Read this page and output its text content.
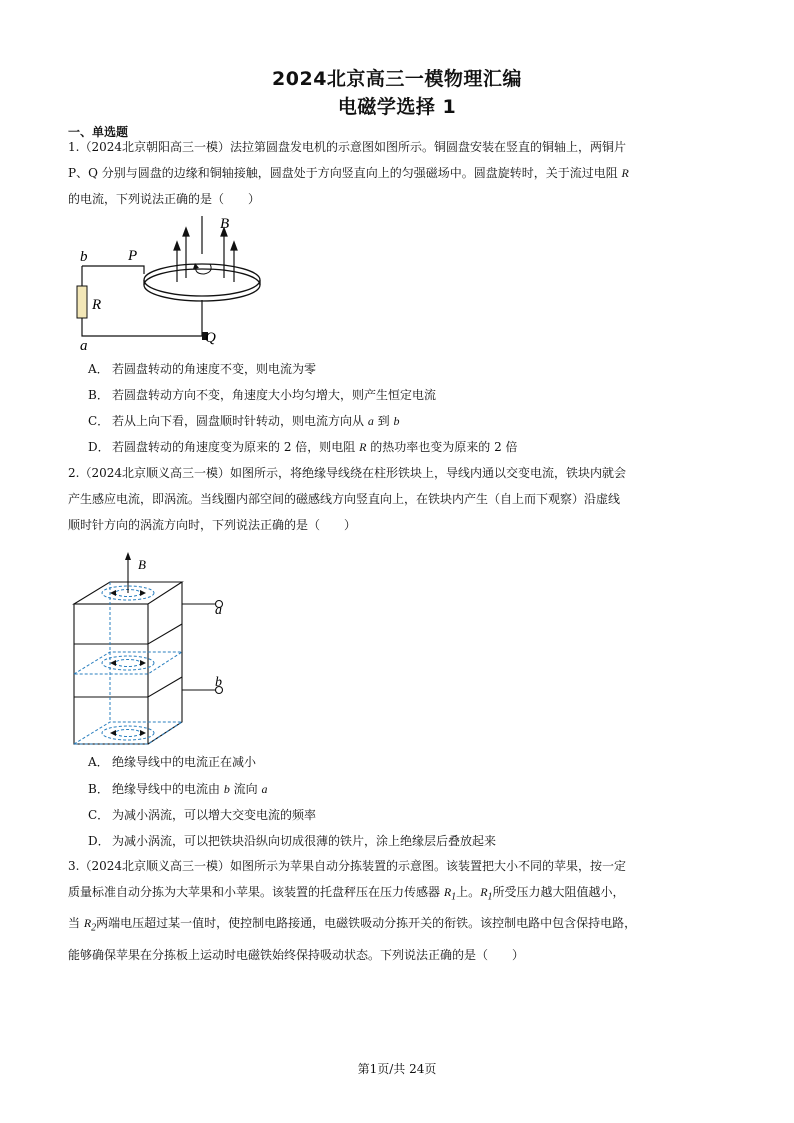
2024北京高三一模物理汇编
电磁学选择 1
一、单选题
1.（2024北京朝阳高三一模）法拉第圆盘发电机的示意图如图所示。铜圆盘安装在竖直的铜轴上，两铜片
P、Q 分别与圆盘的边缘和铜轴接触，圆盘处于方向竖直向上的匀强磁场中。圆盘旋转时，关于流过电阻 R
的电流，下列说法正确的是（　　）
b	P
B
R
Q
a
A． 若圆盘转动的角速度不变，则电流为零
B． 若圆盘转动方向不变，角速度大小均匀增大，则产生恒定电流
C． 若从上向下看，圆盘顺时针转动，则电流方向从 a 到 b
D． 若圆盘转动的角速度变为原来的 2 倍，则电阻 R 的热功率也变为原来的 2 倍
2.（2024北京顺义高三一模）如图所示，将绝缘导线绕在柱形铁块上，导线内通以交变电流，铁块内就会
产生感应电流，即涡流。当线圈内部空间的磁感线方向竖直向上，在铁块内产生（自上而下观察）沿虚线
顺时针方向的涡流方向时，下列说法正确的是（　　）
B
a
b
A． 绝缘导线中的电流正在减小
B． 绝缘导线中的电流由 b 流向 a
C． 为减小涡流，可以增大交变电流的频率
D． 为减小涡流，可以把铁块沿纵向切成很薄的铁片，涂上绝缘层后叠放起来
3.（2024北京顺义高三一模）如图所示为苹果自动分拣装置的示意图。该装置把大小不同的苹果，按一定
质量标准自动分拣为大苹果和小苹果。该装置的托盘秤压在压力传感器 $R_1$上。$R_1$所受压力越大阻值越小，
当 $R_2$两端电压超过某一值时，使控制电路接通，电磁铁吸动分拣开关的衔铁。该控制电路中包含保持电路，
能够确保苹果在分拣板上运动时电磁铁始终保持吸动状态。下列说法正确的是（　　）
第1页/共 24页
